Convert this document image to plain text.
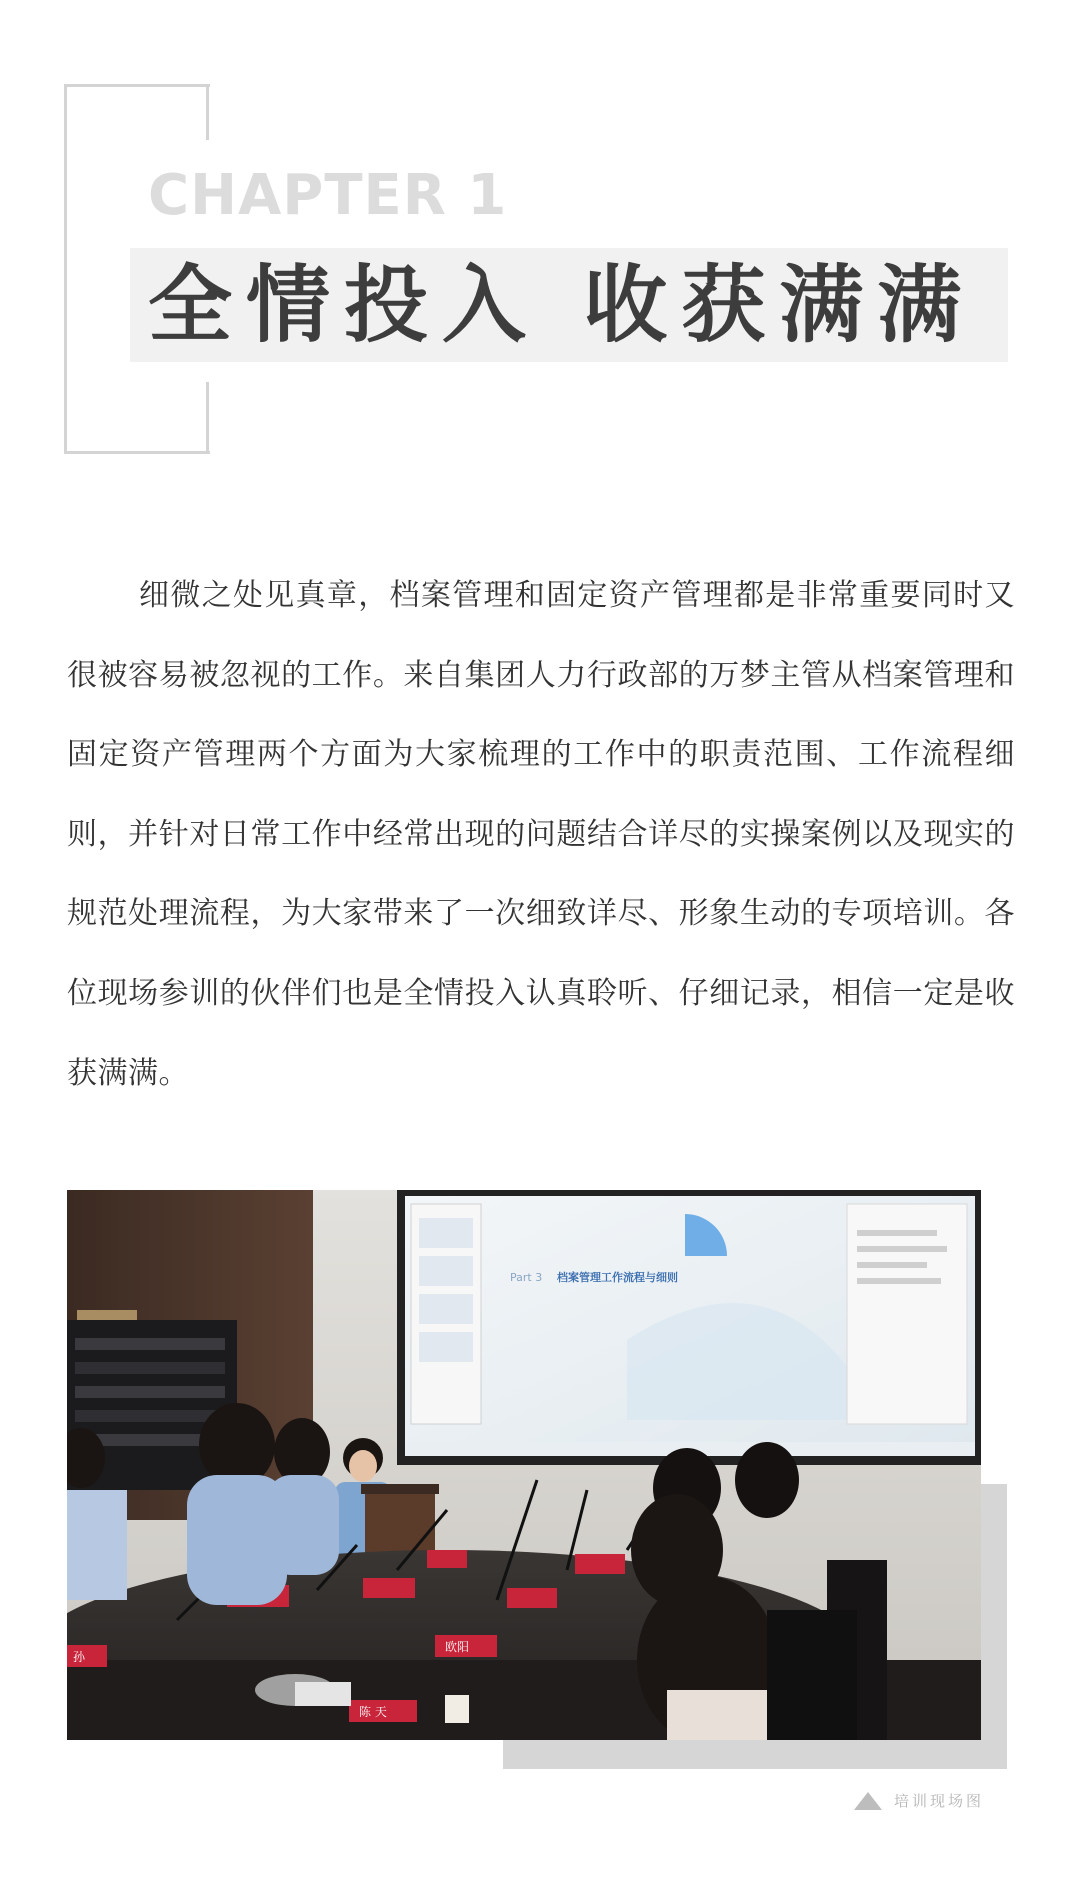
CHAPTER 1
全情投入 收获满满

细微之处见真章，档案管理和固定资产管理都是非常重要同时又很被容易被忽视的工作。来自集团人力行政部的万梦主管从档案管理和固定资产管理两个方面为大家梳理的工作中的职责范围、工作流程细则，并针对日常工作中经常出现的问题结合详尽的实操案例以及现实的规范处理流程，为大家带来了一次细致详尽、形象生动的专项培训。各位现场参训的伙伴们也是全情投入认真聆听、仔细记录，相信一定是收获满满。

Part 3 档案管理工作流程与细则
欧阳
陈 天
孙
培训现场图
